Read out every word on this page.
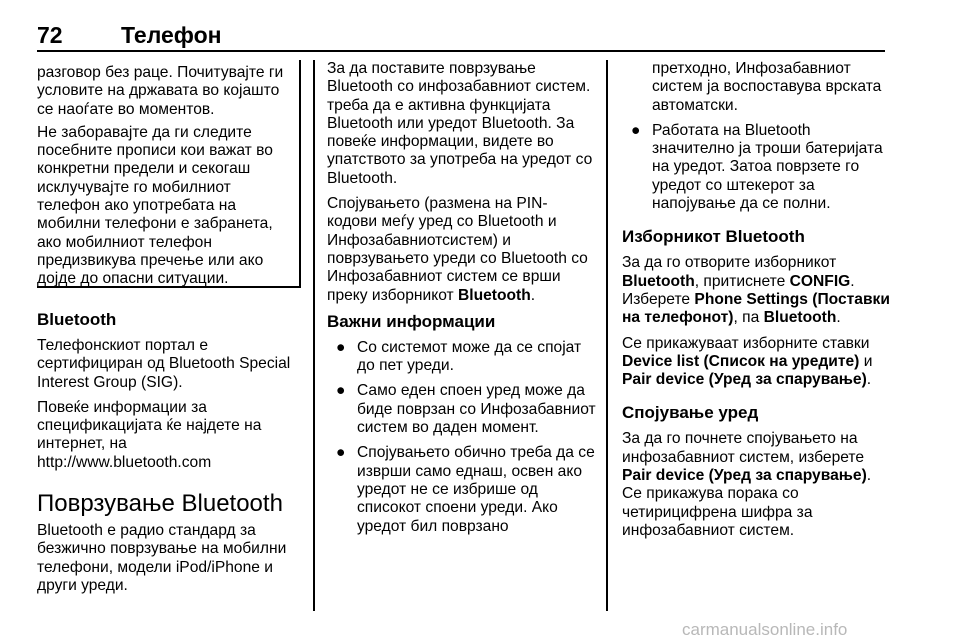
72	Телефон

разговор без раце. Почитувајте ги условите на државата во којашто се наоѓате во моментов.

Не заборавајте да ги следите посебните прописи кои важат во конкретни предели и секогаш исклучувајте го мобилниот телефон ако употребата на мобилни телефони е забранета, ако мобилниот телефон предизвикува пречење или ако дојде до опасни ситуации.

Bluetooth

Телефонскиот портал е сертифициран од Bluetooth Special Interest Group (SIG).

Повеќе информации за спецификацијата ќе најдете на интернет, на
http://www.bluetooth.com

Поврзување Bluetooth

Bluetooth е радио стандард за безжично поврзување на мобилни телефони, модели iPod/iPhone и други уреди.

За да поставите поврзување Bluetooth со инфозабавниот систем. треба да е активна функцијата Bluetooth или уредот Bluetooth. За повеќе информации, видете во упатството за употреба на уредот со Bluetooth.

Спојувањето (размена на PIN-кодови меѓу уред со Bluetooth и Инфозабавниотсистем) и поврзувањето уреди со Bluetooth со Инфозабавниот систем се врши преку изборникот Bluetooth.

Важни информации
● Со системот може да се спојат до пет уреди.
● Само еден споен уред може да биде поврзан со Инфозабавниот систем во даден момент.
● Спојувањето обично треба да се изврши само еднаш, освен ако уредот не се избрише од списокот споени уреди. Ако уредот бил поврзано
претходно, Инфозабавниот систем ја воспоставува врската автоматски.
● Работата на Bluetooth значително ја троши батеријата на уредот. Затоа поврзете го уредот со штекерот за напојување да се полни.
Изборникот Bluetooth

За да го отворите изборникот Bluetooth, притиснете CONFIG. Изберете Phone Settings (Поставки на телефонот), па Bluetooth.

Се прикажуваат изборните ставки Device list (Список на уредите) и Pair device (Уред за спарување).

Спојување уред

За да го почнете спојувањето на инфозабавниот систем, изберете Pair device (Уред за спарување). Се прикажува порака со четирицифрена шифра за инфозабавниот систем.

carmanualsonline.info
